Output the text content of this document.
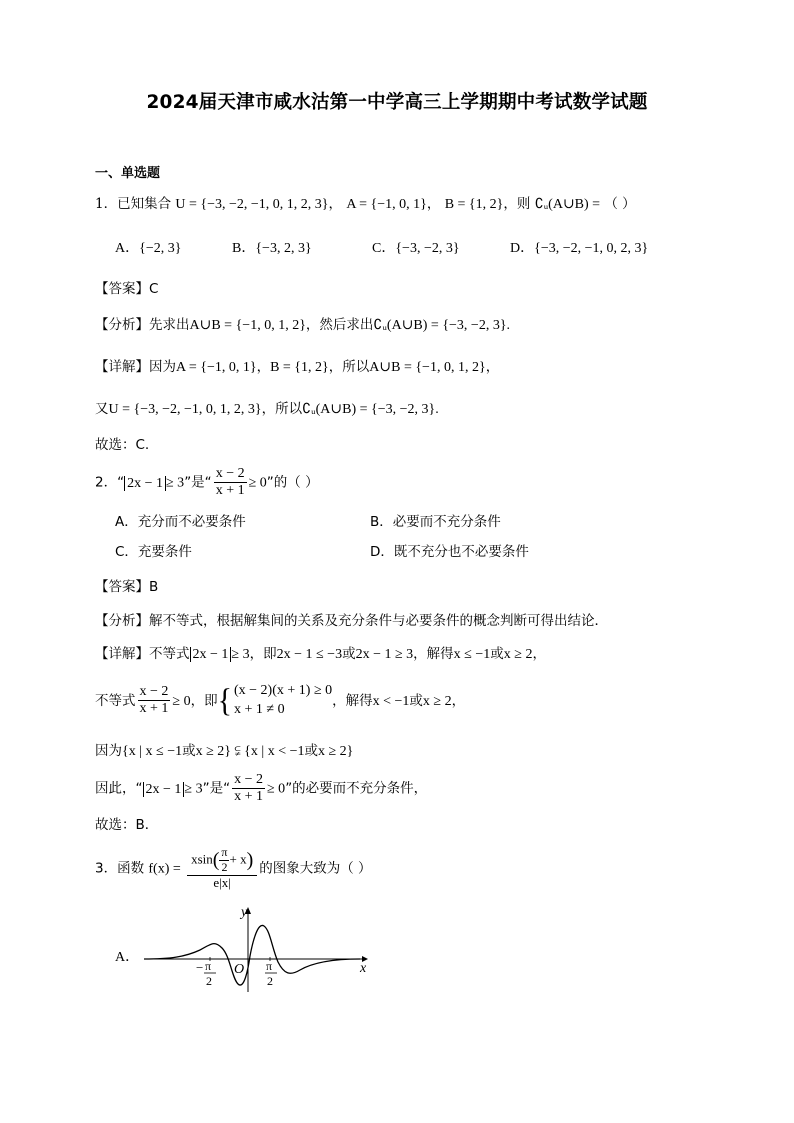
2024届天津市咸水沽第一中学高三上学期期中考试数学试题
一、单选题
1．已知集合 U = {−3, −2, −1, 0, 1, 2, 3}， A = {−1, 0, 1}， B = {1, 2}，则 ∁ᵤ(A∪B) = （ ）
A．{−2, 3}	B．{−3, 2, 3}	C．{−3, −2, 3}	D．{−3, −2, −1, 0, 2, 3}
【答案】C
【分析】先求出A∪B = {−1, 0, 1, 2}，然后求出∁ᵤ(A∪B) = {−3, −2, 3}.
【详解】因为A = {−1, 0, 1}，B = {1, 2}，所以A∪B = {−1, 0, 1, 2}，
又U = {−3, −2, −1, 0, 1, 2, 3}，所以∁ᵤ(A∪B) = {−3, −2, 3}.
故选：C.
2．“ 2x − 1 ≥ 3”是“ $\frac{x - 2}{x + 1} \ge 0$”的（ ）
A．充分而不必要条件	B．必要而不充分条件
C．充要条件	D．既不充分也不必要条件
【答案】B
【分析】解不等式，根据解集间的关系及充分条件与必要条件的概念判断可得出结论．
【详解】不等式 2x − 1 ≥ 3，即2x − 1 ≤ −3或2x − 1 ≥ 3，解得x ≤ −1或x ≥ 2，
不等式 $\frac{x - 2}{x + 1} \ge 0$，即{ (x − 2)(x + 1) ≥ 0
x + 1 ≠ 0
，解得x < −1或x ≥ 2，
因为{x | x ≤ −1或x ≥ 2} ⫋ {x | x < −1或x ≥ 2}
因此，“ 2x − 1 ≥ 3”是“ $\frac{x - 2}{x + 1} \ge 0$”的必要而不充分条件，
故选：B．
3．函数 $f(x) = \frac{xsin( \frac{\pi}{2} + x)}{e|x|}$ 的图象大致为（ ）
A．
y
x
O
− π
2
π
2
